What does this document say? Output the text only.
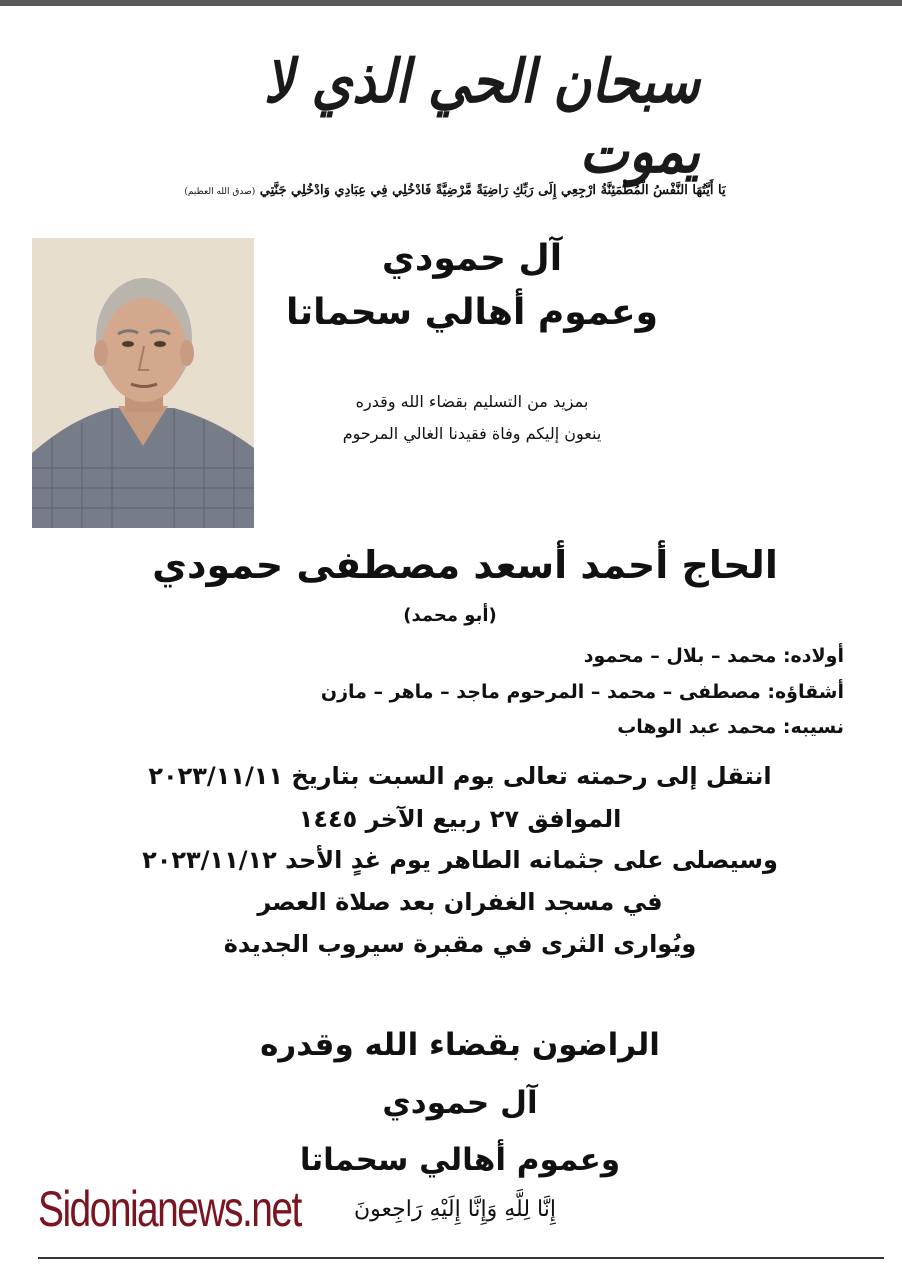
سبحان الحي الذي لا يموت
يَا أَيَّتُهَا النَّفْسُ الْمُطْمَئِنَّةُ ارْجِعِي إِلَى رَبِّكِ رَاضِيَةً مَّرْضِيَّةً فَادْخُلِي فِي عِبَادِي وَادْخُلِي جَنَّتِي (صدق الله العظيم)
آل حمودي
وعموم أهالي سحماتا
بمزيد من التسليم بقضاء الله وقدره
ينعون إليكم وفاة فقيدنا الغالي المرحوم
الحاج أحمد أسعد مصطفى حمودي
(أبو محمد)
أولاده: محمد – بلال – محمود
أشقاؤه: مصطفى – محمد – المرحوم ماجد – ماهر – مازن
نسيبه: محمد عبد الوهاب
انتقل إلى رحمته تعالى يوم السبت بتاريخ ٢٠٢٣/١١/١١
الموافق ٢٧ ربيع الآخر ١٤٤٥
وسيصلى على جثمانه الطاهر يوم غدٍ الأحد ٢٠٢٣/١١/١٢
في مسجد الغفران بعد صلاة العصر
ويُوارى الثرى في مقبرة سيروب الجديدة
الراضون بقضاء الله وقدره
آل حمودي
وعموم أهالي سحماتا
إِنَّا لِلَّهِ وَإِنَّا إِلَيْهِ رَاجِعونَ
Sidonianews.net
